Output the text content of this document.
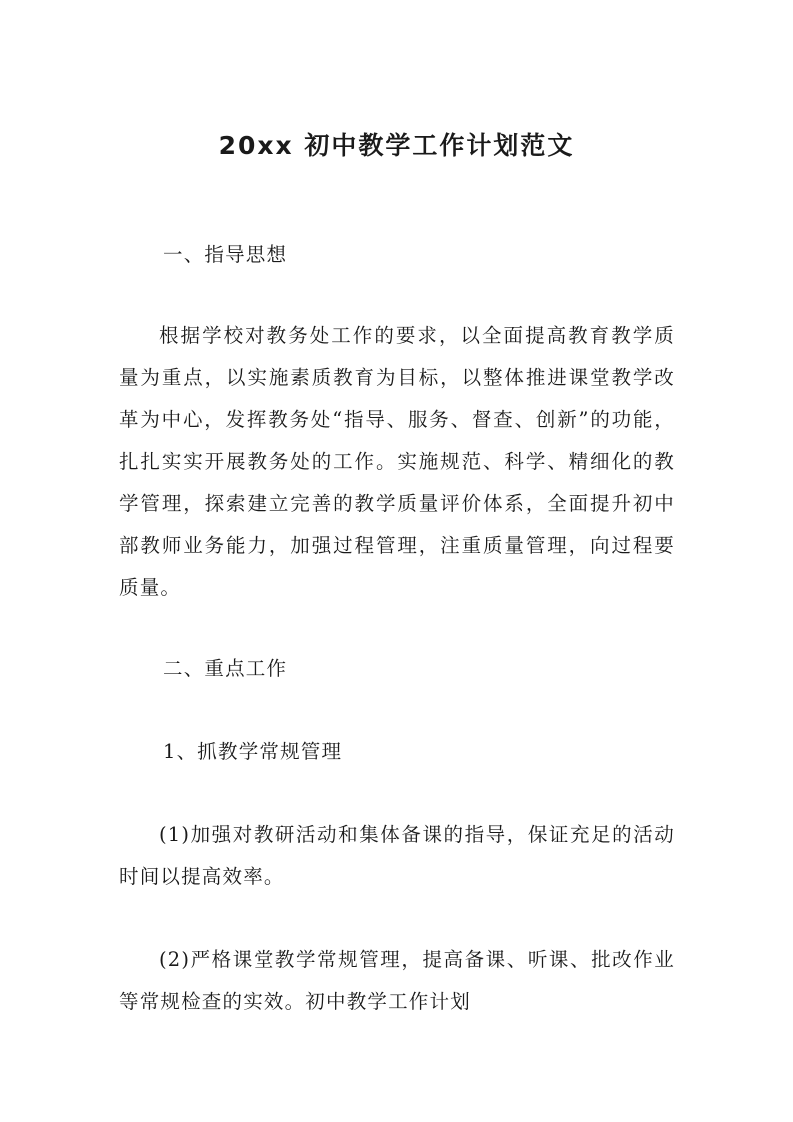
20xx 初中教学工作计划范文
一、指导思想
根据学校对教务处工作的要求，以全面提高教育教学质量为重点，以实施素质教育为目标，以整体推进课堂教学改革为中心，发挥教务处“指导、服务、督查、创新”的功能，扎扎实实开展教务处的工作。实施规范、科学、精细化的教学管理，探索建立完善的教学质量评价体系，全面提升初中部教师业务能力，加强过程管理，注重质量管理，向过程要质量。
二、重点工作
1、抓教学常规管理
(1)加强对教研活动和集体备课的指导，保证充足的活动时间以提高效率。
(2)严格课堂教学常规管理，提高备课、听课、批改作业等常规检查的实效。初中教学工作计划
